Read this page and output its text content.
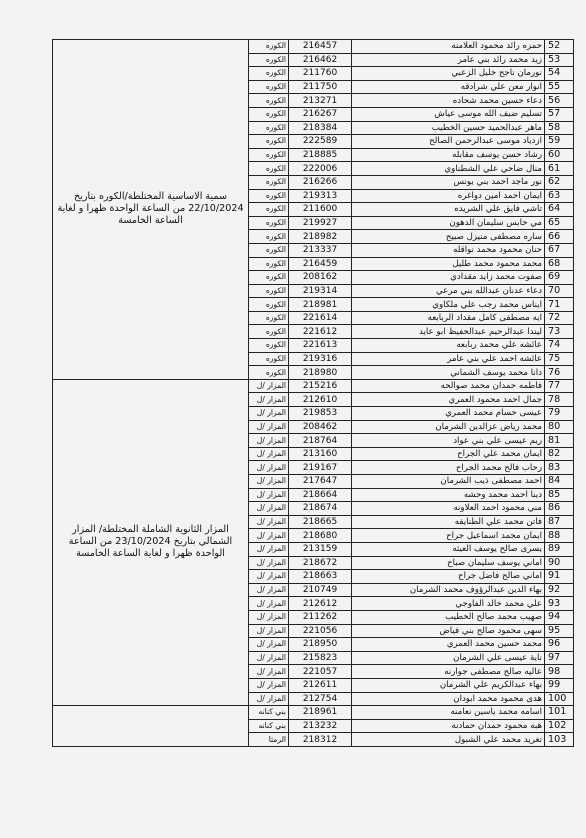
سمية الاساسية المختلطة/الكوره بتاريخ 22/10/2024 من الساعة الواحدة ظهرا و لغاية الساعة الخامسة	الكوره	216457	حمزه رائد محمود العلامنه	52
	الكوره	216462	زيد محمد رائد بني عامر	53
	الكوره	211760	نورمان ناجح خليل الزعبي	54
	الكوره	211750	انوار معن علي شرادقه	55
	الكوره	213271	دعاء حسين محمد شحاده	56
	الكوره	216267	تسليم ضيف الله موسى عياش	57
	الكوره	218384	ماهر عبدالحميد حسين الخطيب	58
	الكوره	222589	ازدياد موسى عبدالرحمن الصالح	59
	الكوره	218885	رشاد حسن يوسف مقابله	60
	الكوره	222006	منال ضاحي علي الشطناوي	61
	الكوره	216266	نور ماجد احمد بني يونس	62
	الكوره	219313	ايمان احمد امين دواغره	63
	الكوره	211600	تاشي فايق علي الشريده	64
	الكوره	219927	مي حابس سليمان الدهون	65
	الكوره	218982	ساره مصطفى منيزل صبيح	66
	الكوره	213337	حنان محمود محمد نواقله	67
	الكوره	216459	محمد محمود محمد طليل	68
	الكوره	208162	صفوت محمد زايد مقدادي	69
	الكوره	219314	دعاء عدنان عبدالله بني مرعي	70
	الكوره	218981	ايناس محمد رجب علي ملكاوي	71
	الكوره	221614	ايه مصطفى كامل مقداد الربابعه	72
	الكوره	221612	ليندا عبدالرحيم عبدالحفيظ ابو عايد	73
	الكوره	221613	عائشه علي محمد ربابعه	74
	الكوره	219316	عائشه احمد علي بني عامر	75
	الكوره	218980	دانا محمد يوسف الشماني	76
المزار الثانوية الشاملة المختلطة/ المزار الشمالي بتاريخ 23/10/2024 من الساعة الواحدة ظهرا و لغاية الساعة الخامسة	المزار /ل	215216	فاطمه حمدان محمد صوالحه	77
	المزار /ل	212610	جمال احمد محمود العمري	78
	المزار /ل	219853	عيسى حسام محمد العمري	79
	المزار /ل	208462	محمد رياض عزالدين الشرمان	80
	المزار /ل	218764	ريم عيسى علي بني عواد	81
	المزار /ل	213160	ايمان محمد علي الجراح	82
	المزار /ل	219167	رحاب فالح محمد الجراح	83
	المزار /ل	217647	احمد مصطفى ذيب الشرمان	84
	المزار /ل	218664	دينا احمد محمد وحشه	85
	المزار /ل	218674	مني محمود احمد العلاونه	86
	المزار /ل	218665	فاتن محمد علي الطنايفه	87
	المزار /ل	218680	ايمان محمد اسماعيل جراح	88
	المزار /ل	213159	يسرى صالح يوسف العيثه	89
	المزار /ل	218672	اماني يوسف سليمان صباح	90
	المزار /ل	218663	اماني صالح فاضل جراح	91
	المزار /ل	210749	بهاء الدين عبدالرؤوف محمد الشرمان	92
	المزار /ل	212612	علي محمد خالد الفاوجي	93
	المزار /ل	211262	صهيب محمد صالح الخطيب	94
	المزار /ل	221056	سهى محمود صالح بني فياض	95
	المزار /ل	218950	محمد حسين محمد العمري	96
	المزار /ل	215823	ناية عيسى علي الشرمان	97
	المزار /ل	221057	عاليه صالح مصطفى جوارنه	98
	المزار /ل	212611	بهاء عبدالكريم علي الشرمان	99
	المزار /ل	212754	هدى محمود محمد ابودان	100
	بني كنانه	218961	اسامه محمد ياسين نعامنه	101
	بني كنانه	213232	هبه محمود حمدان حمادنه	102
	الرمثا	218312	تغريد محمد علي الشبول	103
